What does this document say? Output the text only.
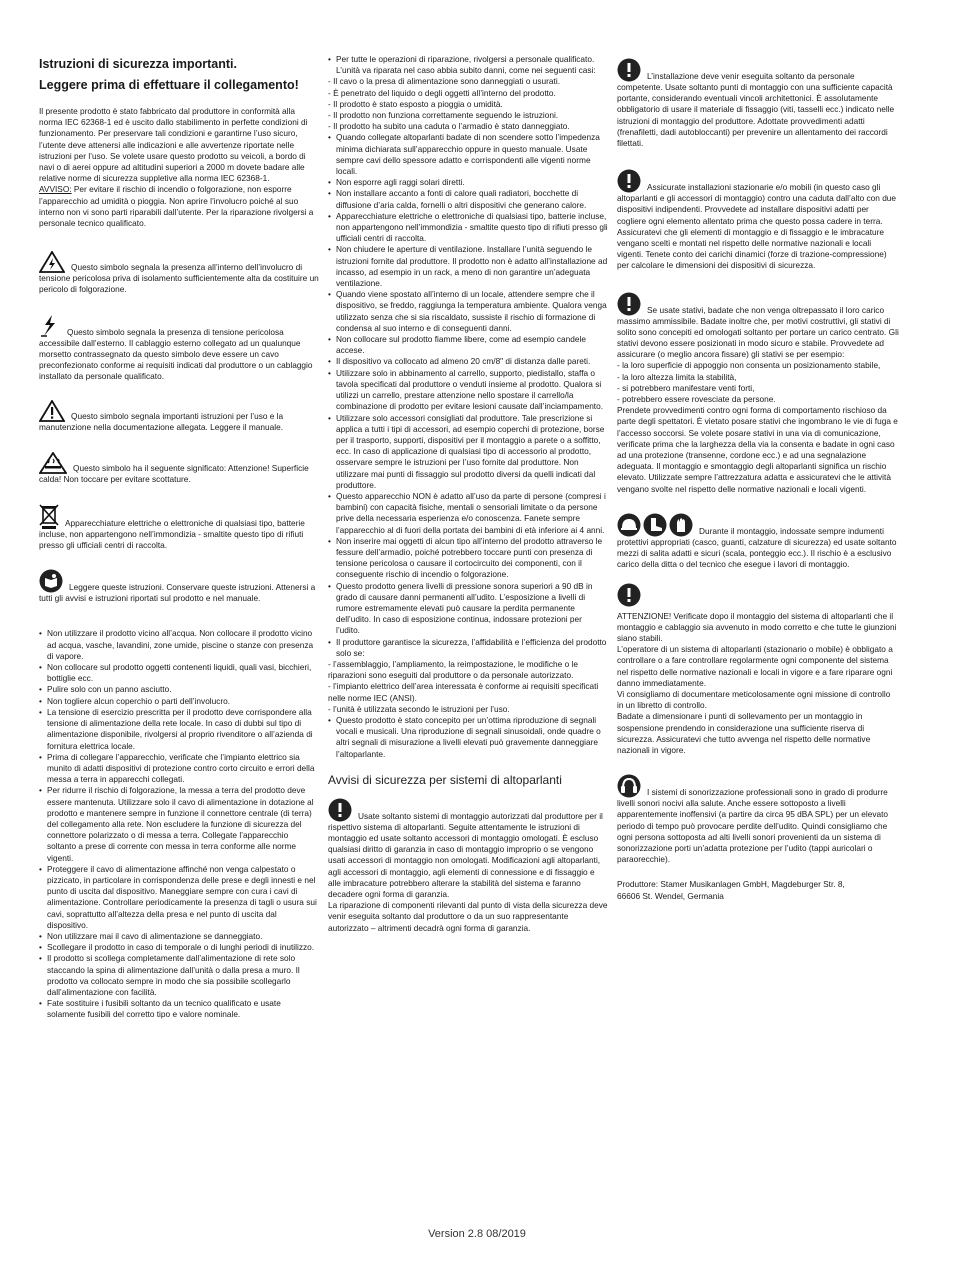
Istruzioni di sicurezza importanti.
Leggere prima di effettuare il collegamento!

Il presente prodotto è stato fabbricato dal produttore in conformità alla norma IEC 62368-1 ed è uscito dallo stabilimento in perfette condizioni di funzionamento. Per preservare tali condizioni e garantirne l’uso sicuro, l’utente deve attenersi alle indicazioni e alle avvertenze riportate nelle istruzioni per l’uso. Se volete usare questo prodotto su veicoli, a bordo di navi o di aerei oppure ad altitudini superiori a 2000 m dovete badare alle relative norme di sicurezza suppletive alla norma IEC 62368-1.

AVVISO: Per evitare il rischio di incendio o folgorazione, non esporre l’apparecchio ad umidità o pioggia. Non aprire l’involucro poiché al suo interno non vi sono parti riparabili dall’utente. Per la riparazione rivolgersi a personale tecnico qualificato.

Questo simbolo segnala la presenza all’interno dell’involucro di tensione pericolosa priva di isolamento sufficientemente alta da costituire un pericolo di folgorazione.

Questo simbolo segnala la presenza di tensione pericolosa accessibile dall’esterno. Il cablaggio esterno collegato ad un qualunque morsetto contrassegnato da questo simbolo deve essere un cavo preconfezionato conforme ai requisiti indicati dal produttore o un cablaggio installato da personale qualificato.

Questo simbolo segnala importanti istruzioni per l’uso e la manutenzione nella documentazione allegata. Leggere il manuale.

Questo simbolo ha il seguente significato: Attenzione! Superficie calda! Non toccare per evitare scottature.

Apparecchiature elettriche o elettroniche di qualsiasi tipo, batterie incluse, non appartengono nell’immondizia - smaltite questo tipo di rifiuti presso gli ufficiali centri di raccolta.

Leggere queste istruzioni. Conservare queste istruzioni. Attenersi a tutti gli avvisi e istruzioni riportati sul prodotto e nel manuale.

• Non utilizzare il prodotto vicino all’acqua. Non collocare il prodotto vicino ad acqua, vasche, lavandini, zone umide, piscine o stanze con presenza di vapore.
• Non collocare sul prodotto oggetti contenenti liquidi, quali vasi, bicchieri, bottiglie ecc.
• Pulire solo con un panno asciutto.
• Non togliere alcun coperchio o parti dell’involucro.
• La tensione di esercizio prescritta per il prodotto deve corrispondere alla tensione di alimentazione della rete locale. In caso di dubbi sul tipo di alimentazione disponibile, rivolgersi al proprio rivenditore o all’azienda di fornitura elettrica locale.
• Prima di collegare l’apparecchio, verificate che l’impianto elettrico sia munito di adatti dispositivi di protezione contro corto circuito e errori della messa a terra in apparecchi collegati.
• Per ridurre il rischio di folgorazione, la messa a terra del prodotto deve essere mantenuta. Utilizzare solo il cavo di alimentazione in dotazione al prodotto e mantenere sempre in funzione il connettore centrale (di terra) del collegamento alla rete. Non escludere la funzione di sicurezza del connettore polarizzato o di messa a terra. Collegate l’apparecchio soltanto a prese di corrente con messa in terra conforme alle norme vigenti.
• Proteggere il cavo di alimentazione affinché non venga calpestato o pizzicato, in particolare in corrispondenza delle prese e degli innesti e nel punto di uscita dal dispositivo. Maneggiare sempre con cura i cavi di alimentazione. Controllare periodicamente la presenza di tagli o usura sui cavi, soprattutto all’altezza della presa e nel punto di uscita dal dispositivo.
• Non utilizzare mai il cavo di alimentazione se danneggiato.
• Scollegare il prodotto in caso di temporale o di lunghi periodi di inutilizzo.
• Il prodotto si scollega completamente dall’alimentazione di rete solo staccando la spina di alimentazione dall’unità o dalla presa a muro. Il prodotto va collocato sempre in modo che sia possibile scollegarlo dall’alimentazione con facilità.
• Fate sostituire i fusibili soltanto da un tecnico qualificato e usate solamente fusibili del corretto tipo e valore nominale.
• Per tutte le operazioni di riparazione, rivolgersi a personale qualificato. L’unità va riparata nel caso abbia subito danni, come nei seguenti casi:
- Il cavo o la presa di alimentazione sono danneggiati o usurati.
- È penetrato del liquido o degli oggetti all’interno del prodotto.
- Il prodotto è stato esposto a pioggia o umidità.
- Il prodotto non funziona correttamente seguendo le istruzioni.
- Il prodotto ha subito una caduta o l’armadio è stato danneggiato.
• Quando collegate altoparlanti badate di non scendere sotto l’impedenza minima dichiarata sull’apparecchio oppure in questo manuale. Usate sempre cavi dello spessore adatto e corrispondenti alle vigenti norme locali.
• Non esporre agli raggi solari diretti.
• Non installare accanto a fonti di calore quali radiatori, bocchette di diffusione d’aria calda, fornelli o altri dispositivi che generano calore.
• Apparecchiature elettriche o elettroniche di qualsiasi tipo, batterie incluse, non appartengono nell’immondizia - smaltite questo tipo di rifiuti presso gli ufficiali centri di raccolta.
• Non chiudere le aperture di ventilazione. Installare l’unità seguendo le istruzioni fornite dal produttore. Il prodotto non è adatto all’installazione ad incasso, ad esempio in un rack, a meno di non garantire un’adeguata ventilazione.
• Quando viene spostato all’interno di un locale, attendere sempre che il dispositivo, se freddo, raggiunga la temperatura ambiente. Qualora venga utilizzato senza che si sia riscaldato, sussiste il rischio di formazione di condensa al suo interno e di conseguenti danni.
• Non collocare sul prodotto fiamme libere, come ad esempio candele accese.
• Il dispositivo va collocato ad almeno 20 cm/8" di distanza dalle pareti.
• Utilizzare solo in abbinamento al carrello, supporto, piedistallo, staffa o tavola specificati dal produttore o venduti insieme al prodotto. Qualora si utilizzi un carrello, prestare attenzione nello spostare il carrello/la combinazione di prodotto per evitare lesioni causate dall’inciampamento.
• Utilizzare solo accessori consigliati dal produttore. Tale prescrizione si applica a tutti i tipi di accessori, ad esempio coperchi di protezione, borse per il trasporto, supporti, dispositivi per il montaggio a parete o a soffitto, ecc. In caso di applicazione di qualsiasi tipo di accessorio al prodotto, osservare sempre le istruzioni per l’uso fornite dal produttore. Non utilizzare mai punti di fissaggio sul prodotto diversi da quelli indicati dal produttore.
• Questo apparecchio NON è adatto all’uso da parte di persone (compresi i bambini) con capacità fisiche, mentali o sensoriali limitate o da persone prive della necessaria esperienza e/o conoscenza. Fanete sempre l’apparecchio al di fuori della portata dei bambini di età inferiore ai 4 anni.
• Non inserire mai oggetti di alcun tipo all’interno del prodotto attraverso le fessure dell’armadio, poiché potrebbero toccare punti con presenza di tensione pericolosa o causare il cortocircuito dei componenti, con il conseguente rischio di incendio o folgorazione.
• Questo prodotto genera livelli di pressione sonora superiori a 90 dB in grado di causare danni permanenti all’udito. L’esposizione a livelli di rumore estremamente elevati può causare la perdita permanente dell’udito. In caso di esposizione continua, indossare protezioni per l’udito.
• Il produttore garantisce la sicurezza, l’affidabilità e l’efficienza del prodotto solo se:
- l’assemblaggio, l’ampliamento, la reimpostazione, le modifiche o le riparazioni sono eseguiti dal produttore o da personale autorizzato.
- l’impianto elettrico dell’area interessata è conforme ai requisiti specificati nelle norme IEC (ANSI).
- l’unità è utilizzata secondo le istruzioni per l’uso.
• Questo prodotto è stato concepito per un’ottima riproduzione di segnali vocali e musicali. Una riproduzione di segnali sinusoidali, onde quadre o altri segnali di misurazione a livelli elevati può gravemente danneggiare l’altoparlante.
Avvisi di sicurezza per sistemi di altoparlanti

Usate soltanto sistemi di montaggio autorizzati dal produttore per il rispettivo sistema di altoparlanti. Seguite attentamente le istruzioni di montaggio ed usate soltanto accessori di montaggio omologati. È escluso qualsiasi diritto di garanzia in caso di montaggio improprio o se vengono usati accessori di montaggio non omologati. Modificazioni agli altoparlanti, agli accessori di montaggio, agli elementi di connessione e di fissaggio e alle imbracature potrebbero alterare la stabilità del sistema e faranno decadere ogni forma di garanzia.

La riparazione di componenti rilevanti dal punto di vista della sicurezza deve venir eseguita soltanto dal produttore o da un suo rappresentante autorizzato – altrimenti decadrà ogni forma di garanzia.

L’installazione deve venir eseguita soltanto da personale competente. Usate soltanto punti di montaggio con una sufficiente capacità portante, considerando eventuali vincoli architettonici. È assolutamente obbligatorio di usare il materiale di fissaggio (viti, tasselli ecc.) indicato nelle istruzioni di montaggio del produttore. Adottate provvedimenti adatti (frenafiletti, dadi autobloccanti) per prevenire un allentamento dei raccordi filettati.

Assicurate installazioni stazionarie e/o mobili (in questo caso gli altoparlanti e gli accessori di montaggio) contro una caduta dall’alto con due dispositivi indipendenti. Provvedete ad installare dispositivi adatti per cogliere ogni elemento allentato prima che questo possa cadere in terra. Assicuratevi che gli elementi di montaggio e di fissaggio e le imbracature vengano scelti e montati nel rispetto delle normative nazionali e locali vigenti. Tenete conto dei carichi dinamici (forze di trazione-compressione) per calcolare le dimensioni dei dispositivi di sicurezza.

Se usate stativi, badate che non venga oltrepassato il loro carico massimo ammissibile. Badate inoltre che, per motivi costruttivi, gli stativi di solito sono concepiti ed omologati soltanto per portare un carico centrato. Gli stativi devono essere posizionati in modo sicuro e stabile. Provvedete ad assicurare (o meglio ancora fissare) gli stativi se per esempio:

- la loro superficie di appoggio non consenta un posizionamento stabile,

- la loro altezza limita la stabilità,

- si potrebbero manifestare venti forti,

- potrebbero essere rovesciate da persone.

Prendete provvedimenti contro ogni forma di comportamento rischioso da parte degli spettatori. È vietato posare stativi che ingombrano le vie di fuga e l’accesso soccorsi. Se volete posare stativi in una via di comunicazione, verificate prima che la larghezza della via la consenta e badate in ogni caso ad una protezione (transenne, cordone ecc.) e ad una segnalazione adeguata. Il montaggio e smontaggio degli altoparlanti significa un rischio elevato. Utilizzate sempre l’attrezzatura adatta e assicuratevi che le attività vengano svolte nel rispetto delle normative nazionali e locali vigenti.

Durante il montaggio, indossate sempre indumenti protettivi appropriati (casco, guanti, calzature di sicurezza) ed usate soltanto mezzi di salita adatti e sicuri (scala, ponteggio ecc.). Il rischio è a esclusivo carico della ditta o del tecnico che esegue i lavori di montaggio.

ATTENZIONE! Verificate dopo il montaggio del sistema di altoparlanti che il montaggio e cablaggio sia avvenuto in modo corretto e che tutte le giunzioni siano stabili.

L’operatore di un sistema di altoparlanti (stazionario o mobile) è obbligato a controllare o a fare controllare regolarmente ogni componente del sistema nel rispetto delle normative nazionali e locali in vigore e a fare riparare ogni danno immediatamente.

Vi consigliamo di documentare meticolosamente ogni missione di controllo in un libretto di controllo.

Badate a dimensionare i punti di sollevamento per un montaggio in sospensione prendendo in considerazione una sufficiente riserva di sicurezza. Assicuratevi che tutto avvenga nel rispetto delle normative nazionali in vigore.

I sistemi di sonorizzazione professionali sono in grado di produrre livelli sonori nocivi alla salute. Anche essere sottoposto a livelli apparentemente inoffensivi (a partire da circa 95 dBA SPL) per un elevato periodo di tempo può provocare perdite dell’udito. Quindi consigliamo che ogni persona sottoposta ad alti livelli sonori provenienti da un sistema di sonorizzazione porti un’adatta protezione per l’udito (tappi auricolari o paraorecchie).

Produttore: Stamer Musikanlagen GmbH, Magdeburger Str. 8,

66606 St. Wendel, Germania

Version 2.8 08/2019
